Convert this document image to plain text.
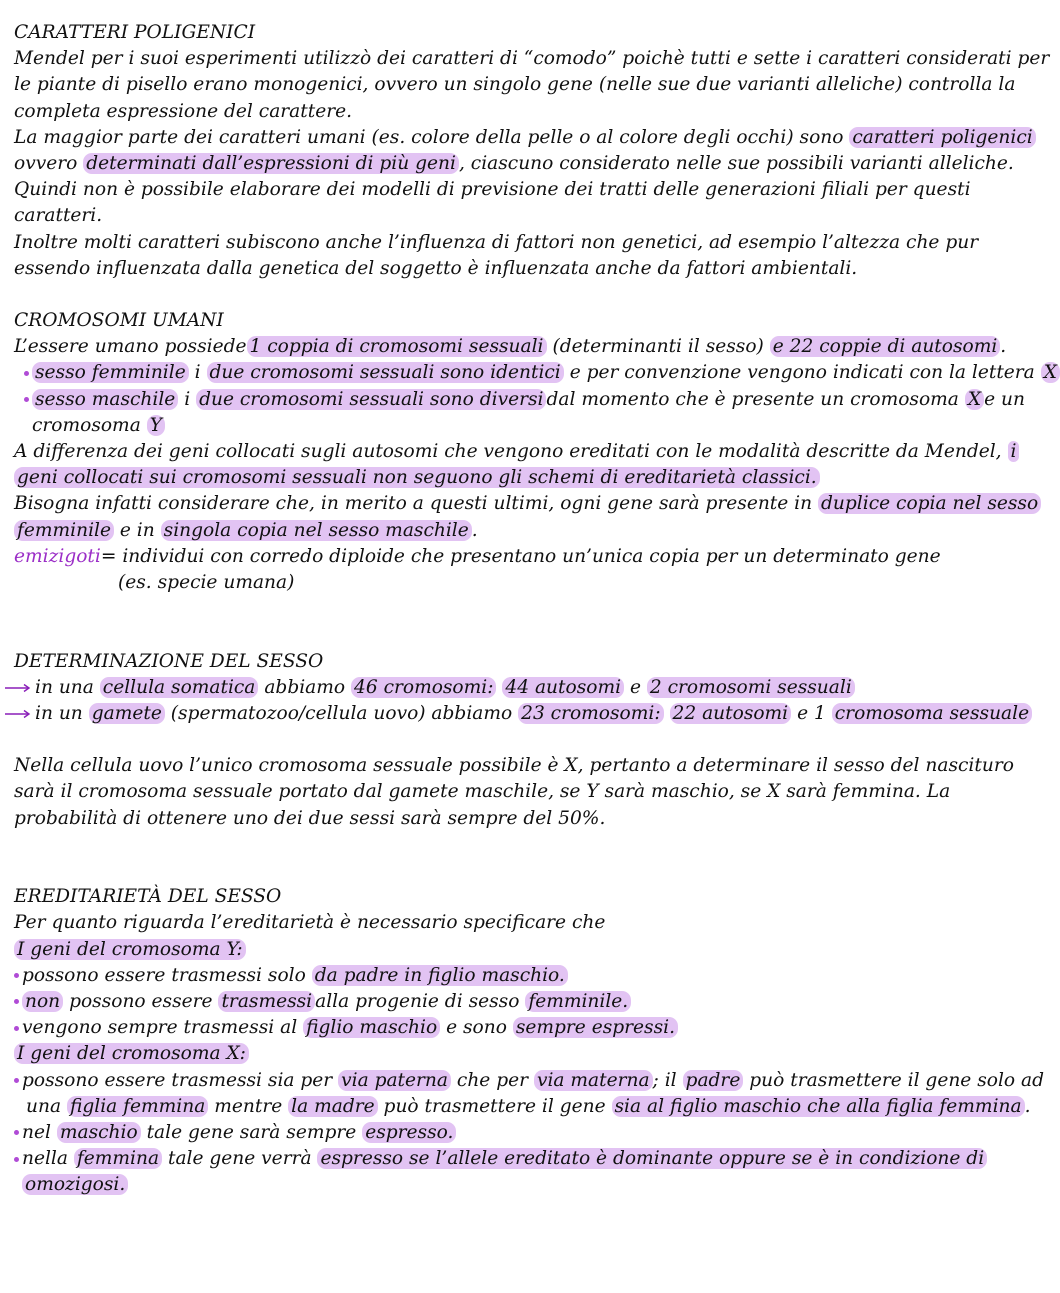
CARATTERI POLIGENICI
Mendel per i suoi esperimenti utilizzò dei caratteri di “comodo” poichè tutti e sette i caratteri considerati per
le piante di pisello erano monogenici, ovvero un singolo gene (nelle sue due varianti alleliche) controlla la
completa espressione del carattere.
La maggior parte dei caratteri umani (es. colore della pelle o al colore degli occhi) sono caratteri poligenici
ovvero determinati dall’espressioni di più geni , ciascuno considerato nelle sue possibili varianti alleliche.
Quindi non è possibile elaborare dei modelli di previsione dei tratti delle generazioni filiali per questi
caratteri.
Inoltre molti caratteri subiscono anche l’influenza di fattori non genetici, ad esempio l’altezza che pur
essendo influenzata dalla genetica del soggetto è influenzata anche da fattori ambientali.
CROMOSOMI UMANI
L’essere umano possiede 1 coppia di cromosomi sessuali (determinanti il sesso) e 22 coppie di autosomi .
sesso femminile i due cromosomi sessuali sono identici e per convenzione vengono indicati con la lettera X
sesso maschile i due cromosomi sessuali sono diversi dal momento che è presente un cromosoma X e un
cromosoma Y
A differenza dei geni collocati sugli autosomi che vengono ereditati con le modalità descritte da Mendel, i
geni collocati sui cromosomi sessuali non seguono gli schemi di ereditarietà classici.
Bisogna infatti considerare che, in merito a questi ultimi, ogni gene sarà presente in duplice copia nel sesso
femminile e in singola copia nel sesso maschile .
emizigoti= individui con corredo diploide che presentano un’unica copia per un determinato gene
(es. specie umana)
DETERMINAZIONE DEL SESSO
in una cellula somatica abbiamo 46 cromosomi: 44 autosomi e 2 cromosomi sessuali
in un gamete (spermatozoo/cellula uovo) abbiamo 23 cromosomi: 22 autosomi e 1 cromosoma sessuale
Nella cellula uovo l’unico cromosoma sessuale possibile è X, pertanto a determinare il sesso del nascituro
sarà il cromosoma sessuale portato dal gamete maschile, se Y sarà maschio, se X sarà femmina. La
probabilità di ottenere uno dei due sessi sarà sempre del 50%.
EREDITARIETÀ DEL SESSO
Per quanto riguarda l’ereditarietà è necessario specificare che
I geni del cromosoma Y:
possono essere trasmessi solo da padre in figlio maschio.
non possono essere trasmessi alla progenie di sesso femminile.
vengono sempre trasmessi al figlio maschio e sono sempre espressi.
I geni del cromosoma X:
possono essere trasmessi sia per via paterna che per via materna ; il padre può trasmettere il gene solo ad
una figlia femmina mentre la madre può trasmettere il gene sia al figlio maschio che alla figlia femmina .
nel maschio tale gene sarà sempre espresso.
nella femmina tale gene verrà espresso se l’allele ereditato è dominante oppure se è in condizione di
omozigosi.
